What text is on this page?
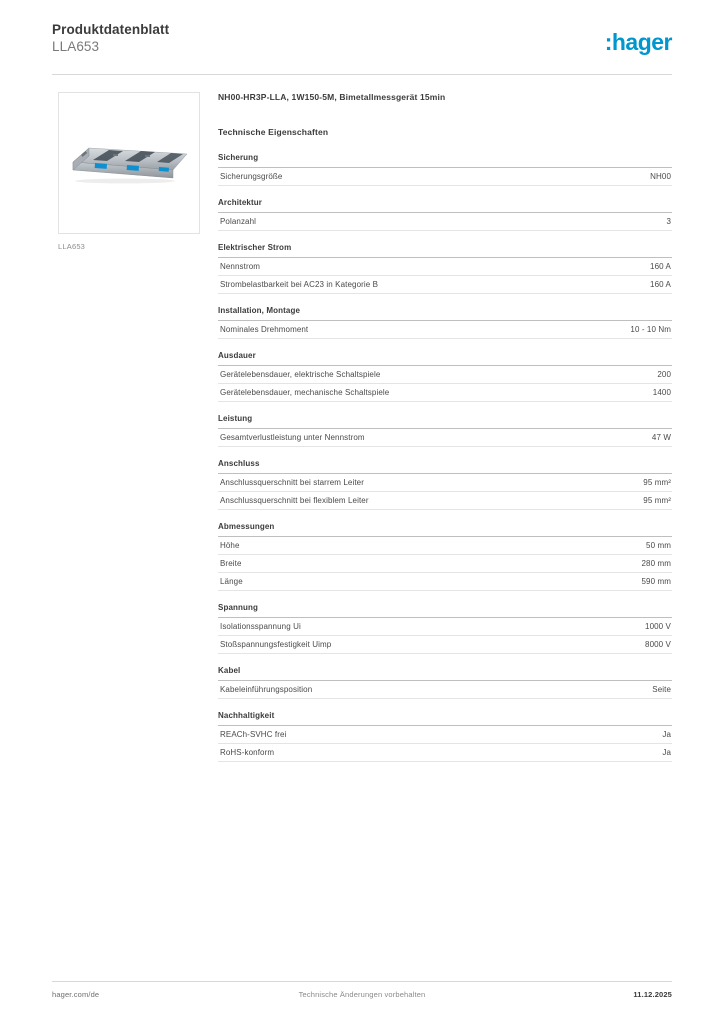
Produktdatenblatt
LLA653	:hager
LLA653
NH00-HR3P-LLA, 1W150-5M, Bimetallmessgerät 15min
Technische Eigenschaften
Sicherung
Sicherungsgröße	NH00
Architektur
Polanzahl	3
Elektrischer Strom
Nennstrom	160 A
Strombelastbarkeit bei AC23 in Kategorie B	160 A
Installation, Montage
Nominales Drehmoment	10 - 10 Nm
Ausdauer
Gerätelebensdauer, elektrische Schaltspiele	200
Gerätelebensdauer, mechanische Schaltspiele	1400
Leistung
Gesamtverlustleistung unter Nennstrom	47 W
Anschluss
Anschlussquerschnitt bei starrem Leiter	95 mm²
Anschlussquerschnitt bei flexiblem Leiter	95 mm²
Abmessungen
Höhe	50 mm
Breite	280 mm
Länge	590 mm
Spannung
Isolationsspannung Ui	1000 V
Stoßspannungsfestigkeit Uimp	8000 V
Kabel
Kabeleinführungsposition	Seite
Nachhaltigkeit
REACh-SVHC frei	Ja
RoHS-konform	Ja
hager.com/de	Technische Änderungen vorbehalten	11.12.2025
